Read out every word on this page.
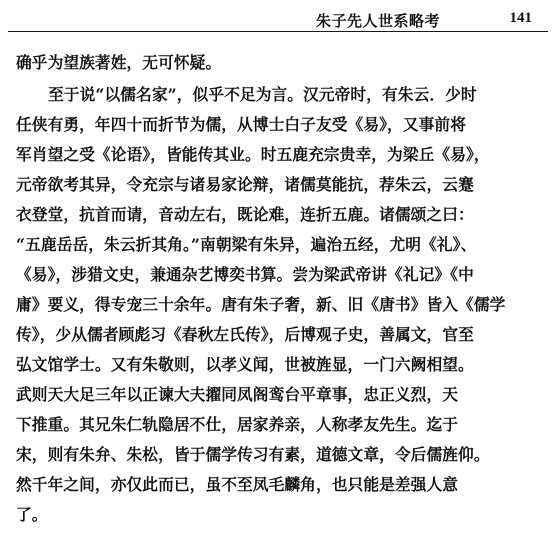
朱子先人世系略考	141
确乎为望族著姓，无可怀疑。
至于说“以儒名家”，似乎不足为言。汉元帝时，有朱云．少时
任侠有勇，年四十而折节为儒，从博士白子友受《易》，又事前将
军肖望之受《论语》，皆能传其业。时五鹿充宗贵幸，为梁丘《易》，
元帝欲考其异，令充宗与诸易家论辩，诸儒莫能抗，荐朱云，云蹇
衣登堂，抗首而请，音动左右，既论难，连折五鹿。诸儒颂之曰：
“五鹿岳岳，朱云折其角。”南朝梁有朱异，遍治五经，尤明《礼》、
《易》，涉猎文史，兼通杂艺博奕书算。尝为梁武帝讲《礼记》《中
庸》要义，得专宠三十余年。唐有朱子奢，新、旧《唐书》皆入《儒学
传》，少从儒者顾彪习《春秋左氏传》，后博观子史，善属文，官至
弘文馆学士。又有朱敬则，以孝义闻，世被旌显，一门六阙相望。
武则天大足三年以正谏大夫擢同凤阁鸾台平章事，忠正义烈，天
下推重。其兄朱仁轨隐居不仕，居家养亲，人称孝友先生。迄于
宋，则有朱弁、朱松，皆于儒学传习有素，道德文章，令后儒旌仰。
然千年之间，亦仅此而已，虽不至凤毛麟角，也只能是差强人意
了。
